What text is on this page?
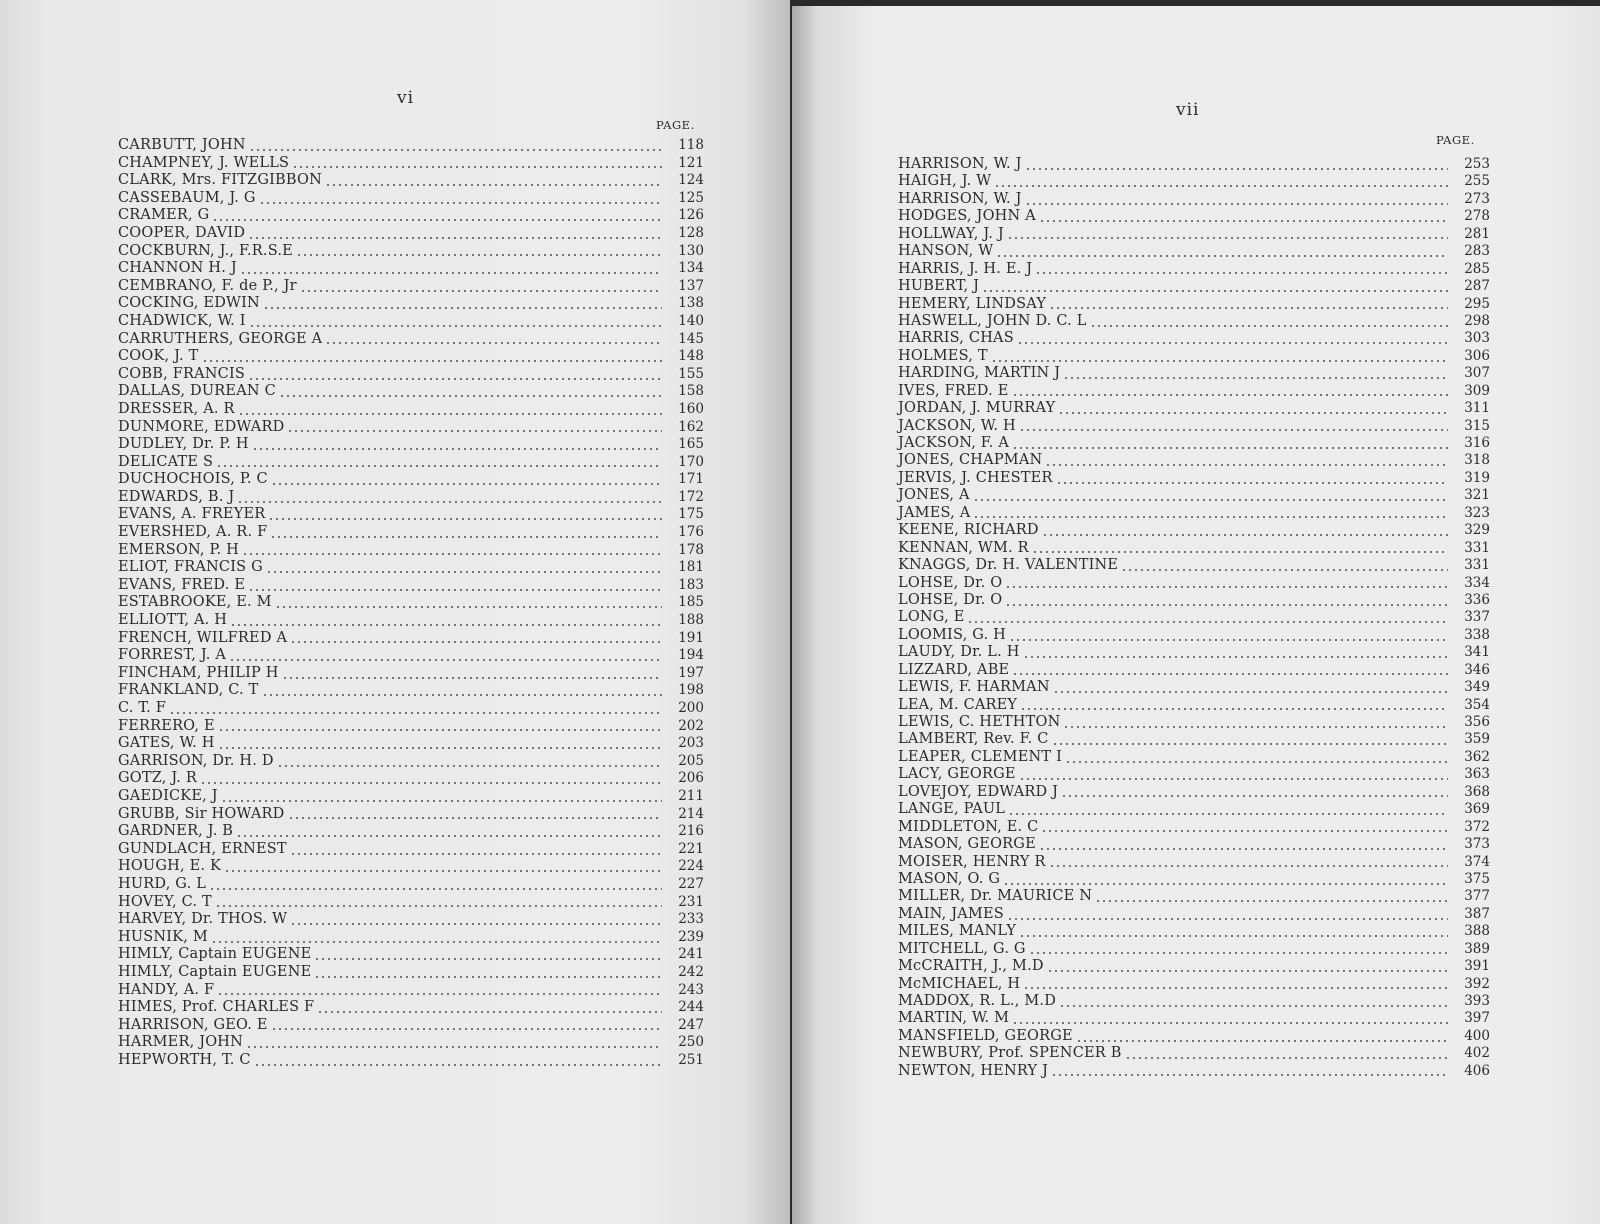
vi
PAGE.
CARBUTT, JOHN	118
CHAMPNEY, J. WELLS	121
CLARK, Mrs. FITZGIBBON	124
CASSEBAUM, J. G	125
CRAMER, G	126
COOPER, DAVID	128
COCKBURN, J., F.R.S.E	130
CHANNON H. J	134
CEMBRANO, F. de P., Jr	137
COCKING, EDWIN	138
CHADWICK, W. I	140
CARRUTHERS, GEORGE A	145
COOK, J. T	148
COBB, FRANCIS	155
DALLAS, DUREAN C	158
DRESSER, A. R	160
DUNMORE, EDWARD	162
DUDLEY, Dr. P. H	165
DELICATE S	170
DUCHOCHOIS, P. C	171
EDWARDS, B. J	172
EVANS, A. FREYER	175
EVERSHED, A. R. F	176
EMERSON, P. H	178
ELIOT, FRANCIS G	181
EVANS, FRED. E	183
ESTABROOKE, E. M	185
ELLIOTT, A. H	188
FRENCH, WILFRED A	191
FORREST, J. A	194
FINCHAM, PHILIP H	197
FRANKLAND, C. T	198
C. T. F	200
FERRERO, E	202
GATES, W. H	203
GARRISON, Dr. H. D	205
GOTZ, J. R	206
GAEDICKE, J	211
GRUBB, Sir HOWARD	214
GARDNER, J. B	216
GUNDLACH, ERNEST	221
HOUGH, E. K	224
HURD, G. L	227
HOVEY, C. T	231
HARVEY, Dr. THOS. W	233
HUSNIK, M	239
HIMLY, Captain EUGENE	241
HIMLY, Captain EUGENE	242
HANDY, A. F	243
HIMES, Prof. CHARLES F	244
HARRISON, GEO. E	247
HARMER, JOHN	250
HEPWORTH, T. C	251
vii
PAGE.
HARRISON, W. J	253
HAIGH, J. W	255
HARRISON, W. J	273
HODGES, JOHN A	278
HOLLWAY, J. J	281
HANSON, W	283
HARRIS, J. H. E. J	285
HUBERT, J	287
HEMERY, LINDSAY	295
HASWELL, JOHN D. C. L	298
HARRIS, CHAS	303
HOLMES, T	306
HARDING, MARTIN J	307
IVES, FRED. E	309
JORDAN, J. MURRAY	311
JACKSON, W. H	315
JACKSON, F. A	316
JONES, CHAPMAN	318
JERVIS, J. CHESTER	319
JONES, A	321
JAMES, A	323
KEENE, RICHARD	329
KENNAN, WM. R	331
KNAGGS, Dr. H. VALENTINE	331
LOHSE, Dr. O	334
LOHSE, Dr. O	336
LONG, E	337
LOOMIS, G. H	338
LAUDY, Dr. L. H	341
LIZZARD, ABE	346
LEWIS, F. HARMAN	349
LEA, M. CAREY	354
LEWIS, C. HETHTON	356
LAMBERT, Rev. F. C	359
LEAPER, CLEMENT I	362
LACY, GEORGE	363
LOVEJOY, EDWARD J	368
LANGE, PAUL	369
MIDDLETON, E. C	372
MASON, GEORGE	373
MOISER, HENRY R	374
MASON, O. G	375
MILLER, Dr. MAURICE N	377
MAIN, JAMES	387
MILES, MANLY	388
MITCHELL, G. G	389
McCRAITH, J., M.D	391
McMICHAEL, H	392
MADDOX, R. L., M.D	393
MARTIN, W. M	397
MANSFIELD, GEORGE	400
NEWBURY, Prof. SPENCER B	402
NEWTON, HENRY J	406
